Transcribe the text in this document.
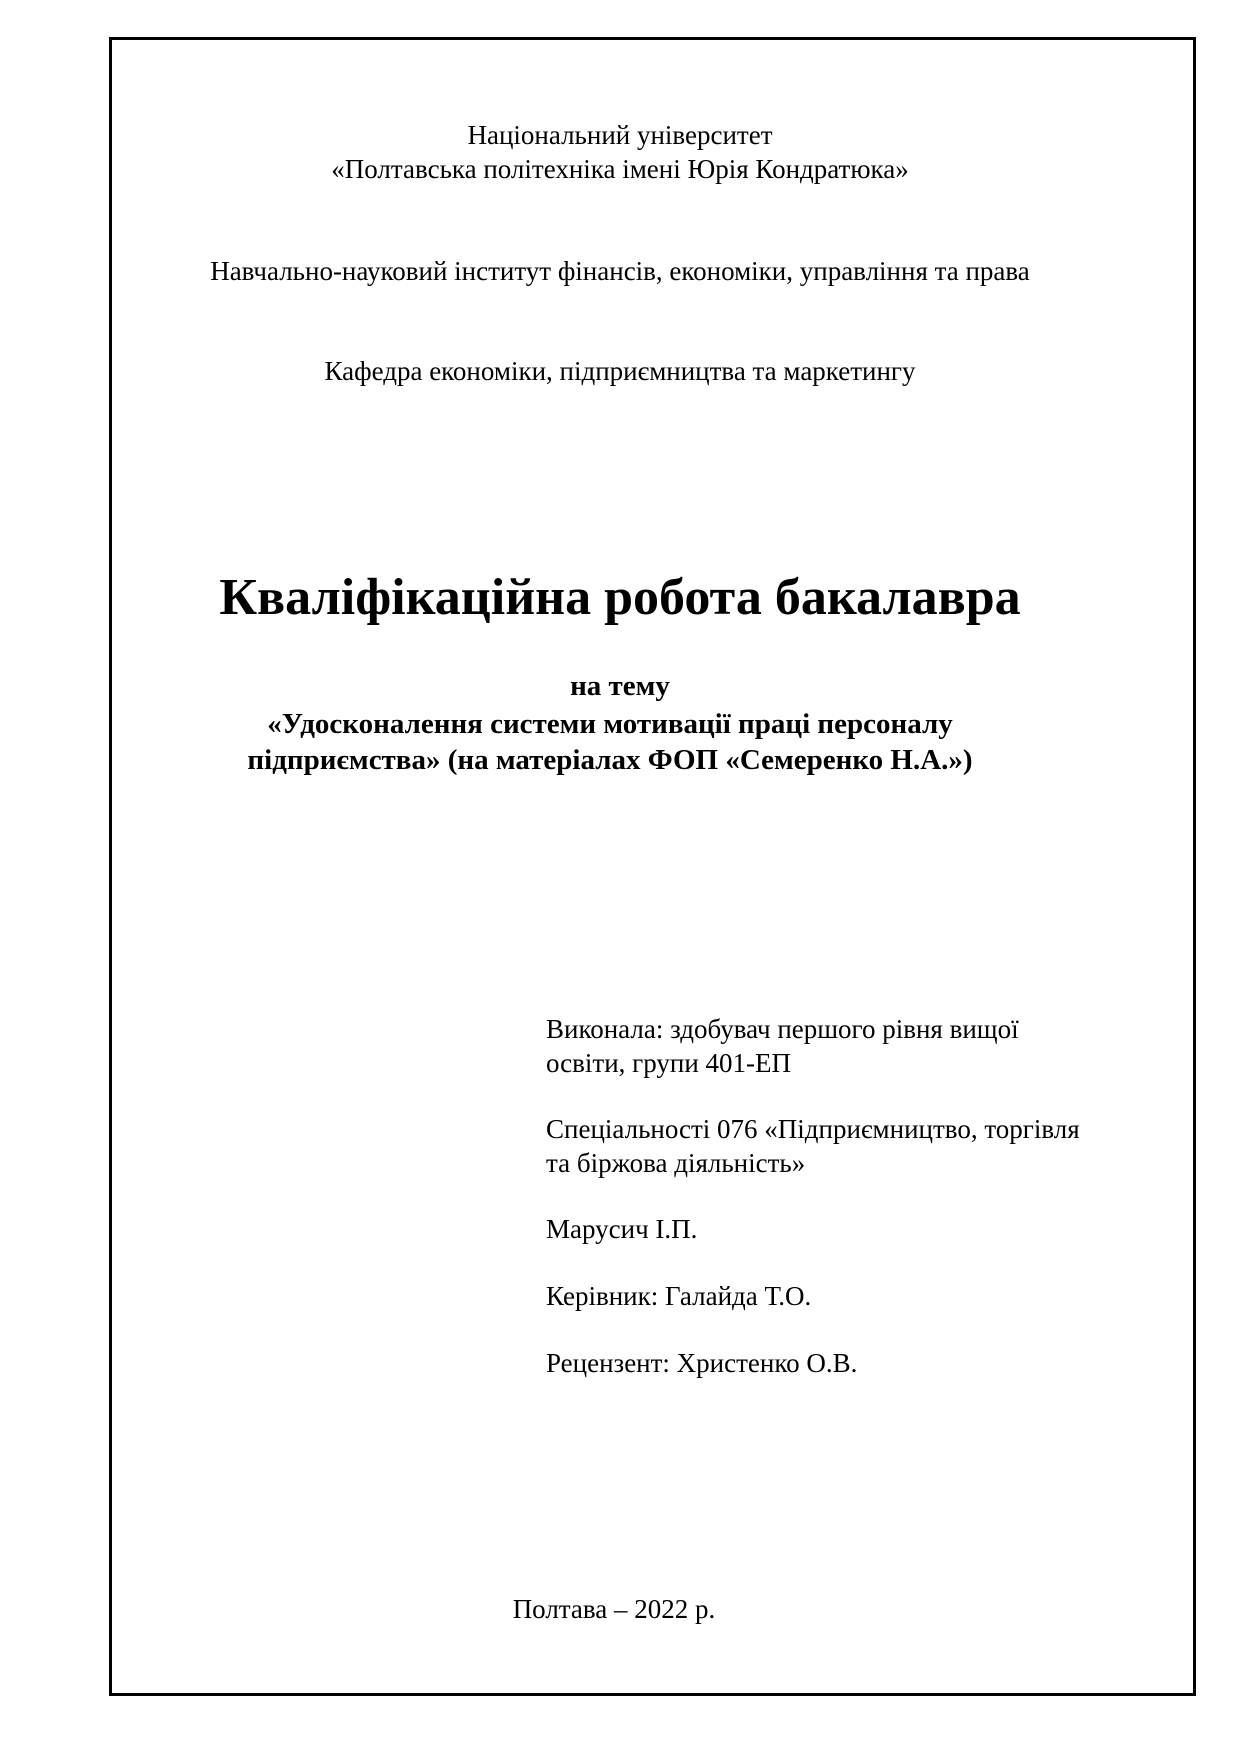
Національний університет
«Полтавська політехніка імені Юрія Кондратюка»
Навчально-науковий інститут фінансів, економіки, управління та права
Кафедра економіки, підприємництва та маркетингу
Кваліфікаційна робота бакалавра
на тему
«Удосконалення системи мотивації праці персоналу
підприємства» (на матеріалах ФОП «Семеренко Н.А.»)
Виконала: здобувач першого рівня вищої
освіти, групи 401-ЕП
Спеціальності 076 «Підприємництво, торгівля
та біржова діяльність»
Марусич І.П.
Керівник: Галайда Т.О.
Рецензент: Христенко О.В.
Полтава – 2022 р.
